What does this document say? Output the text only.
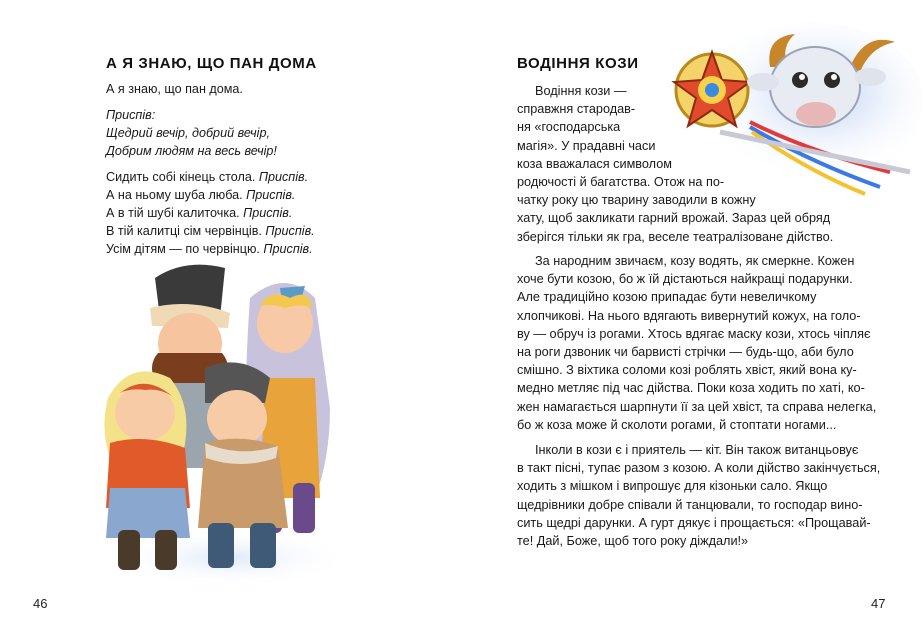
А Я ЗНАЮ, ЩО ПАН ДОМА

А я знаю, що пан дома.

Приспів:

Щедрий вечір, добрий вечір,

Добрим людям на весь вечір!

Сидить собі кінець стола. Приспів.

А на ньому шуба люба. Приспів.

А в тій шубі калиточка. Приспів.

В тій калитці сім червінців. Приспів.

Усім дітям — по червінцю. Приспів.

46
ВОДІННЯ КОЗИ
Водіння кози —
справжня стародав-
ня «господарська
магія». У прадавні часи
коза вважалася символом
родючості й багатства. Отож на по-
чатку року цю тварину заводили в кожну
хату, щоб закликати гарний врожай. Зараз цей обряд
зберігся тільки як гра, веселе театралізоване дійство.
За народним звичаєм, козу водять, як смеркне. Кожен
хоче бути козою, бо ж їй дістаються найкращі подарунки.
Але традиційно козою припадає бути невеличкому
хлопчикові. На нього вдягають вивернутий кожух, на голо-
ву — обруч із рогами. Хтось вдягає маску кози, хтось чіпляє
на роги дзвоник чи барвисті стрічки — будь-що, аби було
смішно. З віхтика соломи козі роблять хвіст, який вона ку-
медно метляє під час дійства. Поки коза ходить по хаті, ко-
жен намагається шарпнути її за цей хвіст, та справа нелегка,
бо ж коза може й сколоти рогами, й стоптати ногами...
Інколи в кози є і приятель — кіт. Він також витанцьовує
в такт пісні, тупає разом з козою. А коли дійство закінчується,
ходить з мішком і випрошує для кізоньки сало. Якщо
щедрівники добре співали й танцювали, то господар вино-
сить щедрі дарунки. А гурт дякує і прощається: «Прощавай-
те! Дай, Боже, щоб того року діждали!»
47
